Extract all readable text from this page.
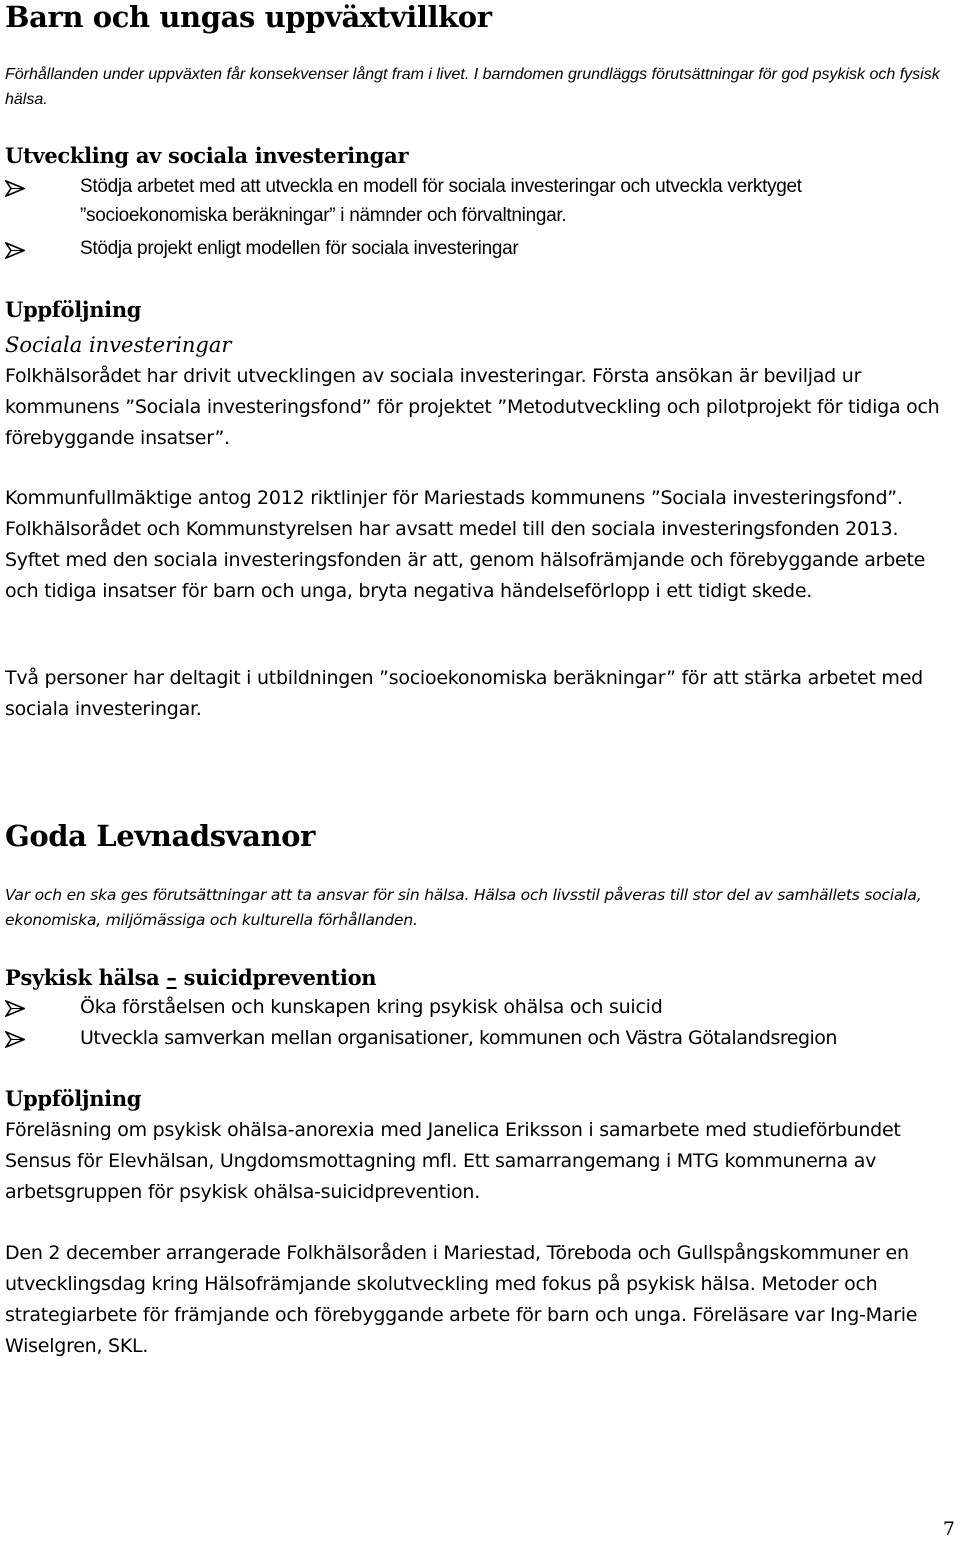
Barn och ungas uppväxtvillkor
Förhållanden under uppväxten får konsekvenser långt fram i livet. I barndomen grundläggs förutsättningar för god psykisk och fysisk hälsa.
Utveckling av sociala investeringar
Stödja arbetet med att utveckla en modell för sociala investeringar och utveckla verktyget ”socioekonomiska beräkningar” i nämnder och förvaltningar.
Stödja projekt enligt modellen för sociala investeringar
Uppföljning
Sociala investeringar
Folkhälsorådet har drivit utvecklingen av sociala investeringar. Första ansökan är beviljad ur kommunens ”Sociala investeringsfond” för projektet ”Metodutveckling och pilotprojekt för tidiga och förebyggande insatser”.
Kommunfullmäktige antog 2012 riktlinjer för Mariestads kommunens ”Sociala investeringsfond”. Folkhälsorådet och Kommunstyrelsen har avsatt medel till den sociala investeringsfonden 2013. Syftet med den sociala investeringsfonden är att, genom hälsofrämjande och förebyggande arbete och tidiga insatser för barn och unga, bryta negativa händelseförlopp i ett tidigt skede.
Två personer har deltagit i utbildningen ”socioekonomiska beräkningar” för att stärka arbetet med sociala investeringar.
Goda Levnadsvanor
Var och en ska ges förutsättningar att ta ansvar för sin hälsa. Hälsa och livsstil påveras till stor del av samhällets sociala, ekonomiska, miljömässiga och kulturella förhållanden.
Psykisk hälsa – suicidprevention
Öka förståelsen och kunskapen kring psykisk ohälsa och suicid
Utveckla samverkan mellan organisationer, kommunen och Västra Götalandsregion
Uppföljning
Föreläsning om psykisk ohälsa-anorexia med Janelica Eriksson i samarbete med studieförbundet Sensus för Elevhälsan, Ungdomsmottagning mfl. Ett samarrangemang i MTG kommunerna av arbetsgruppen för psykisk ohälsa-suicidprevention.
Den 2 december arrangerade Folkhälsoråden i Mariestad, Töreboda och Gullspångskommuner en utvecklingsdag kring Hälsofrämjande skolutveckling med fokus på psykisk hälsa. Metoder och strategiarbete för främjande och förebyggande arbete för barn och unga. Föreläsare var Ing-Marie Wiselgren, SKL.
7
